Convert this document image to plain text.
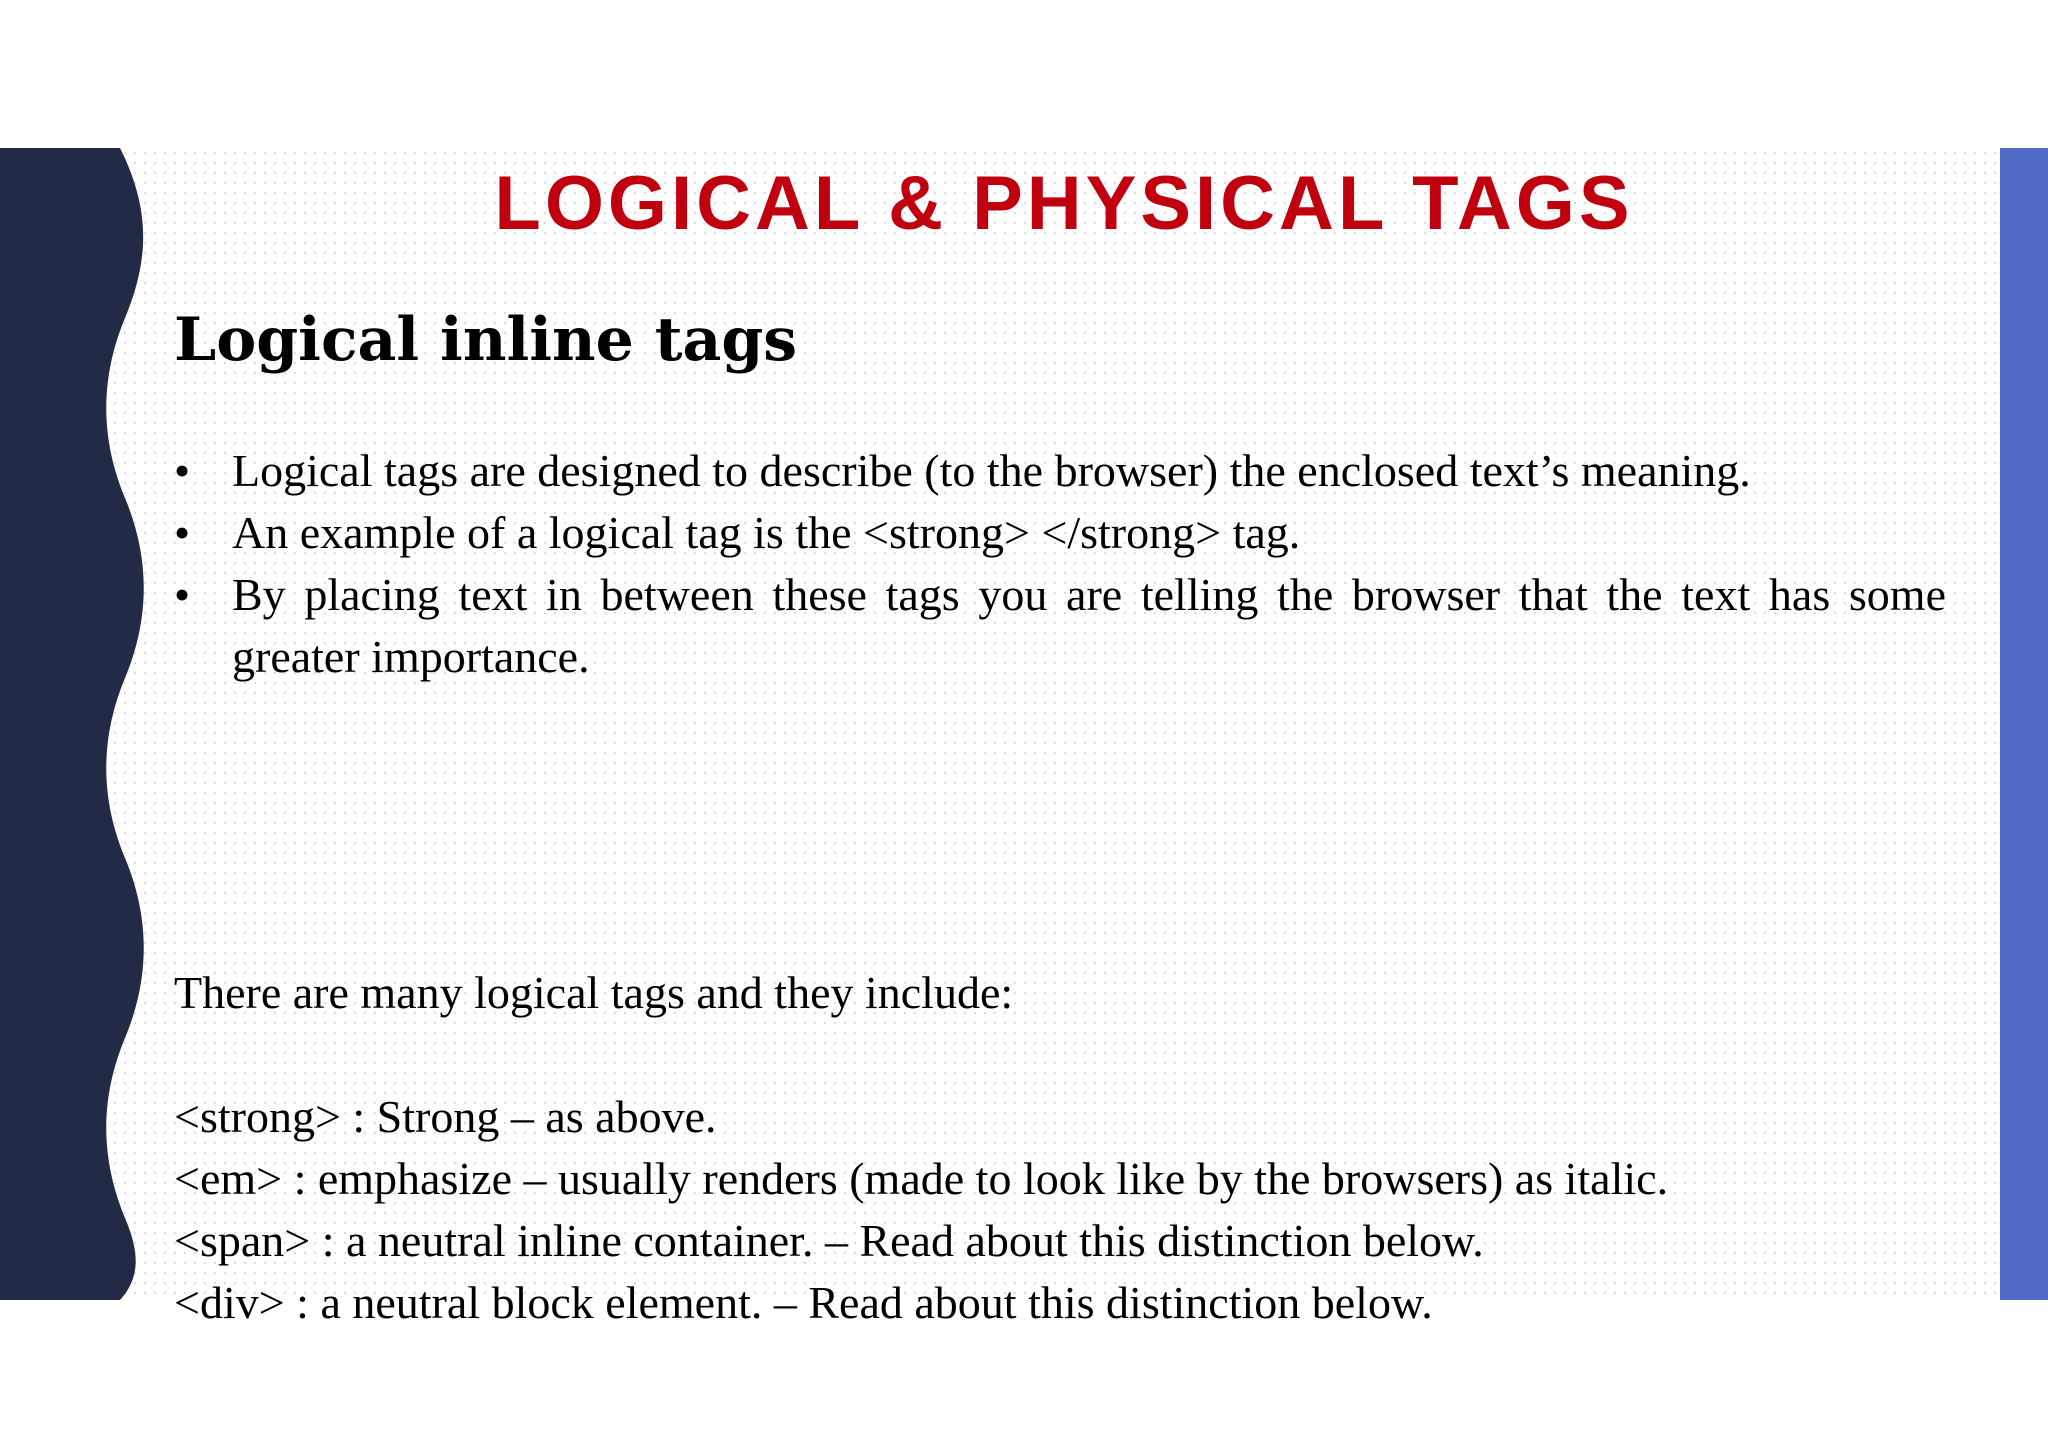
LOGICAL & PHYSICAL TAGS
Logical inline tags
• Logical tags are designed to describe (to the browser) the enclosed text’s meaning.
• An example of a logical tag is the <strong> </strong> tag.
• By placing text in between these tags you are telling the browser that the text has some greater importance.

There are many logical tags and they include:

<strong> : Strong – as above.
<em> : emphasize – usually renders (made to look like by the browsers) as italic.
<span> : a neutral inline container. – Read about this distinction below.
<div> : a neutral block element. – Read about this distinction below.
